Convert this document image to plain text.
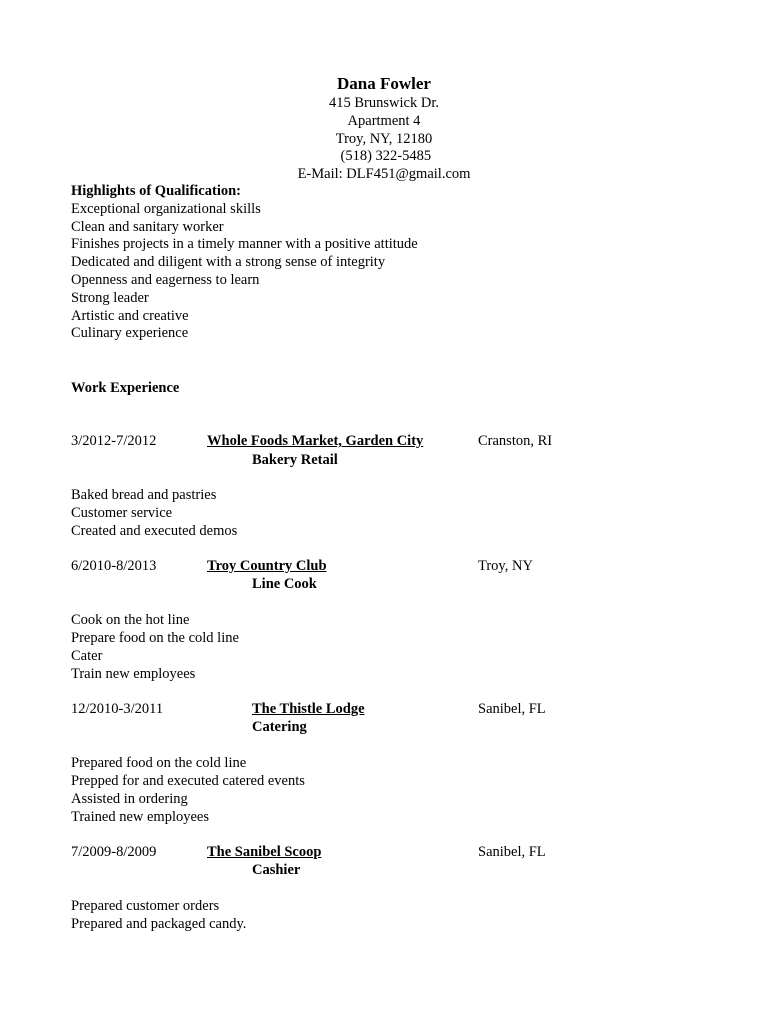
Dana Fowler
415 Brunswick Dr.
Apartment 4
Troy, NY, 12180
(518) 322-5485
E-Mail: DLF451@gmail.com
Highlights of Qualification:
Exceptional organizational skills
Clean and sanitary worker
Finishes projects in a timely manner with a positive attitude
Dedicated and diligent with a strong sense of integrity
Openness and eagerness to learn
Strong leader
Artistic and creative
Culinary experience
Work Experience
3/2012-7/2012	Whole Foods Market, Garden City	Cranston, RI
Bakery Retail
Baked bread and pastries
Customer service
Created and executed demos
6/2010-8/2013	Troy Country Club	Troy, NY
Line Cook
Cook on the hot line
Prepare food on the cold line
Cater
Train new employees
12/2010-3/2011	The Thistle Lodge	Sanibel, FL
Catering
Prepared food on the cold line
Prepped for and executed catered events
Assisted in ordering
Trained new employees
7/2009-8/2009	The Sanibel Scoop	Sanibel, FL
Cashier
Prepared customer orders
Prepared and packaged candy.
